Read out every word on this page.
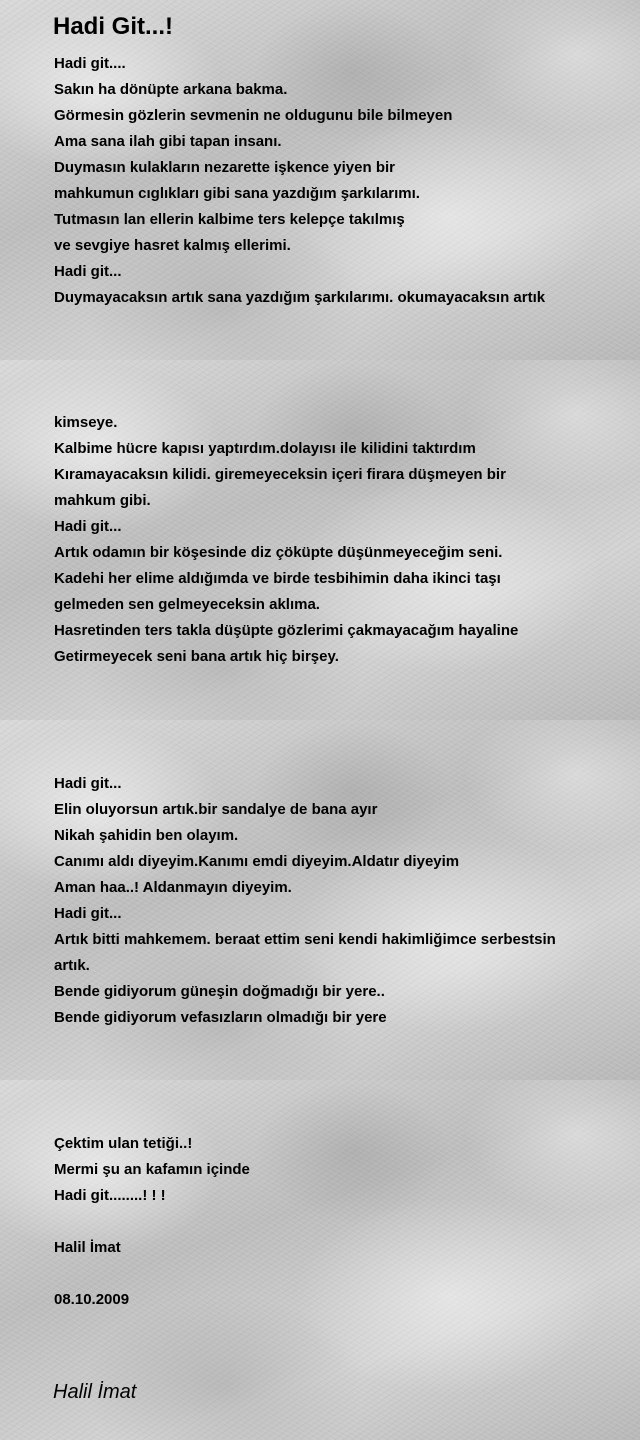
Hadi Git...!
Hadi git....
Sakın ha dönüpte arkana bakma.
Görmesin gözlerin sevmenin ne oldugunu bile bilmeyen
Ama sana ilah gibi tapan insanı.
Duymasın kulakların nezarette işkence yiyen bir
mahkumun cıglıkları gibi sana yazdığım şarkılarımı.
Tutmasın lan ellerin kalbime ters kelepçe takılmış
ve sevgiye hasret kalmış ellerimi.
Hadi git...
Duymayacaksın artık sana yazdığım şarkılarımı. okumayacaksın artık
kimseye.
Kalbime hücre kapısı yaptırdım.dolayısı ile kilidini taktırdım
Kıramayacaksın kilidi. giremeyeceksin içeri firara düşmeyen bir
mahkum gibi.
Hadi git...
Artık odamın bir köşesinde diz çöküpte düşünmeyeceğim seni.
Kadehi her elime aldığımda ve birde tesbihimin daha ikinci taşı
gelmeden sen gelmeyeceksin aklıma.
Hasretinden ters takla düşüpte gözlerimi çakmayacağım hayaline
Getirmeyecek seni bana artık hiç birşey.
Hadi git...
Elin oluyorsun artık.bir sandalye de bana ayır
Nikah şahidin ben olayım.
Canımı aldı diyeyim.Kanımı emdi diyeyim.Aldatır diyeyim
Aman haa..! Aldanmayın diyeyim.
Hadi git...
Artık bitti mahkemem. beraat ettim seni kendi hakimliğimce serbestsin
artık.
Bende gidiyorum güneşin doğmadığı bir yere..
Bende gidiyorum vefasızların olmadığı bir yere
Çektim ulan tetiği..!
Mermi şu an kafamın içinde
Hadi git........! ! !
Halil İmat
08.10.2009

Halil İmat
